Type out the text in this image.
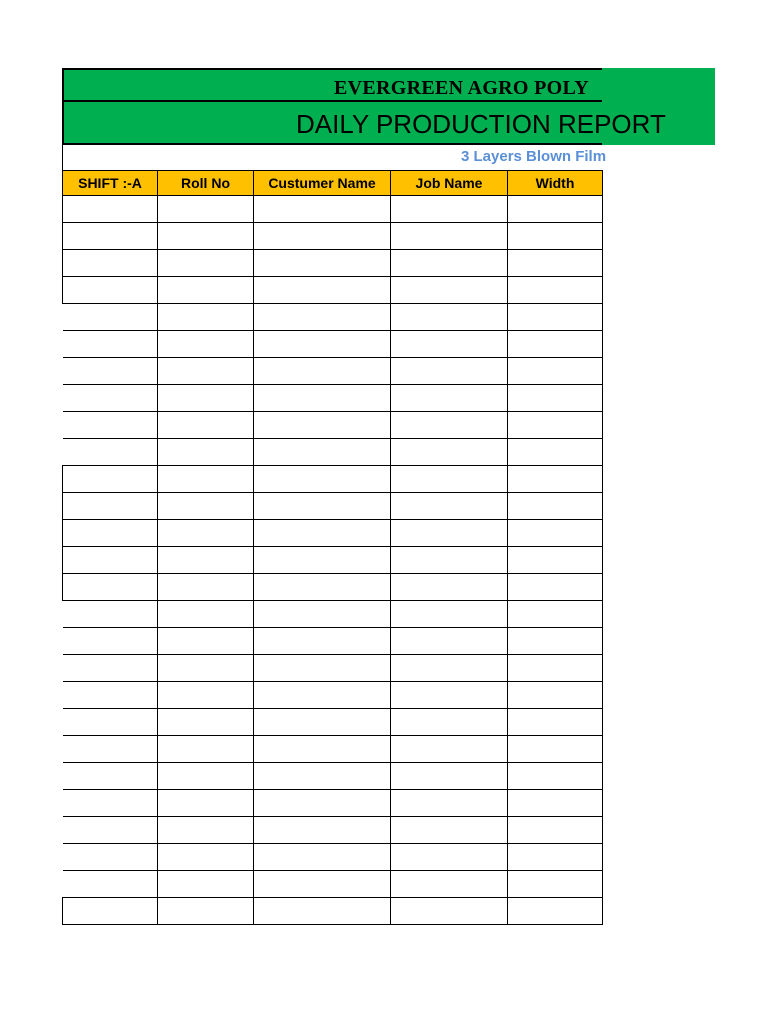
EVERGREEN AGRO POLY
DAILY PRODUCTION REPORT
3 Layers Blown Film
SHIFT :-A	Roll No	Custumer Name	Job Name	Width
